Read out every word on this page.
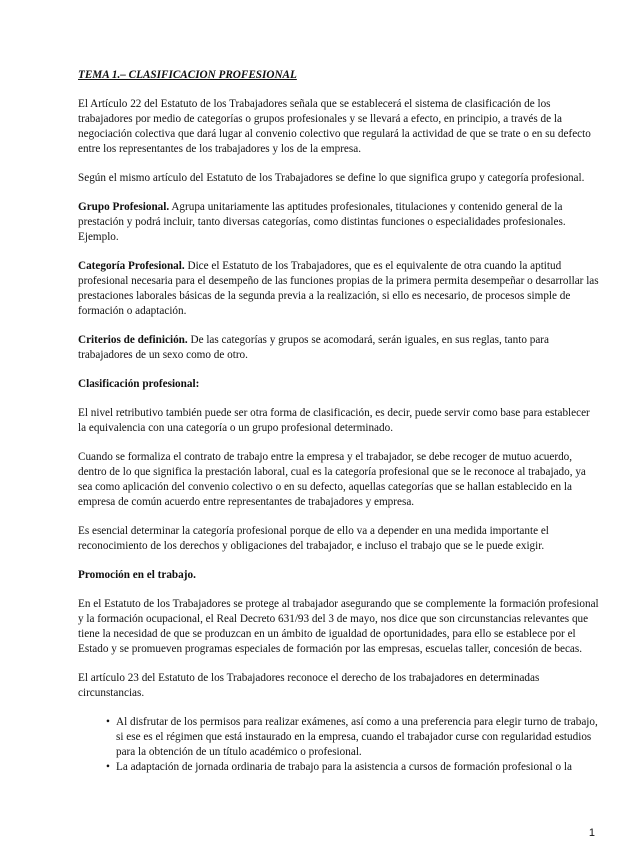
TEMA 1.– CLASIFICACION PROFESIONAL

El Artículo 22 del Estatuto de los Trabajadores señala que se establecerá el sistema de clasificación de los trabajadores por medio de categorías o grupos profesionales y se llevará a efecto, en principio, a través de la negociación colectiva que dará lugar al convenio colectivo que regulará la actividad de que se trate o en su defecto entre los representantes de los trabajadores y los de la empresa.

Según el mismo artículo del Estatuto de los Trabajadores se define lo que significa grupo y categoría profesional.

Grupo Profesional. Agrupa unitariamente las aptitudes profesionales, titulaciones y contenido general de la prestación y podrá incluir, tanto diversas categorías, como distintas funciones o especialidades profesionales. Ejemplo.

Categoría Profesional. Dice el Estatuto de los Trabajadores, que es el equivalente de otra cuando la aptitud profesional necesaria para el desempeño de las funciones propias de la primera permita desempeñar o desarrollar las prestaciones laborales básicas de la segunda previa a la realización, si ello es necesario, de procesos simple de formación o adaptación.

Criterios de definición. De las categorías y grupos se acomodará, serán iguales, en sus reglas, tanto para trabajadores de un sexo como de otro.

Clasificación profesional:

El nivel retributivo también puede ser otra forma de clasificación, es decir, puede servir como base para establecer la equivalencia con una categoría o un grupo profesional determinado.

Cuando se formaliza el contrato de trabajo entre la empresa y el trabajador, se debe recoger de mutuo acuerdo, dentro de lo que significa la prestación laboral, cual es la categoría profesional que se le reconoce al trabajado, ya sea como aplicación del convenio colectivo o en su defecto, aquellas categorías que se hallan establecido en la empresa de común acuerdo entre representantes de trabajadores y empresa.

Es esencial determinar la categoría profesional porque de ello va a depender en una medida importante el reconocimiento de los derechos y obligaciones del trabajador, e incluso el trabajo que se le puede exigir.

Promoción en el trabajo.

En el Estatuto de los Trabajadores se protege al trabajador asegurando que se complemente la formación profesional y la formación ocupacional, el Real Decreto 631/93 del 3 de mayo, nos dice que son circunstancias relevantes que tiene la necesidad de que se produzcan en un ámbito de igualdad de oportunidades, para ello se establece por el Estado y se promueven programas especiales de formación por las empresas, escuelas taller, concesión de becas.

El artículo 23 del Estatuto de los Trabajadores reconoce el derecho de los trabajadores en determinadas circunstancias.

• Al disfrutar de los permisos para realizar exámenes, así como a una preferencia para elegir turno de trabajo, si ese es el régimen que está instaurado en la empresa, cuando el trabajador curse con regularidad estudios para la obtención de un título académico o profesional.
• La adaptación de jornada ordinaria de trabajo para la asistencia a cursos de formación profesional o la
1
